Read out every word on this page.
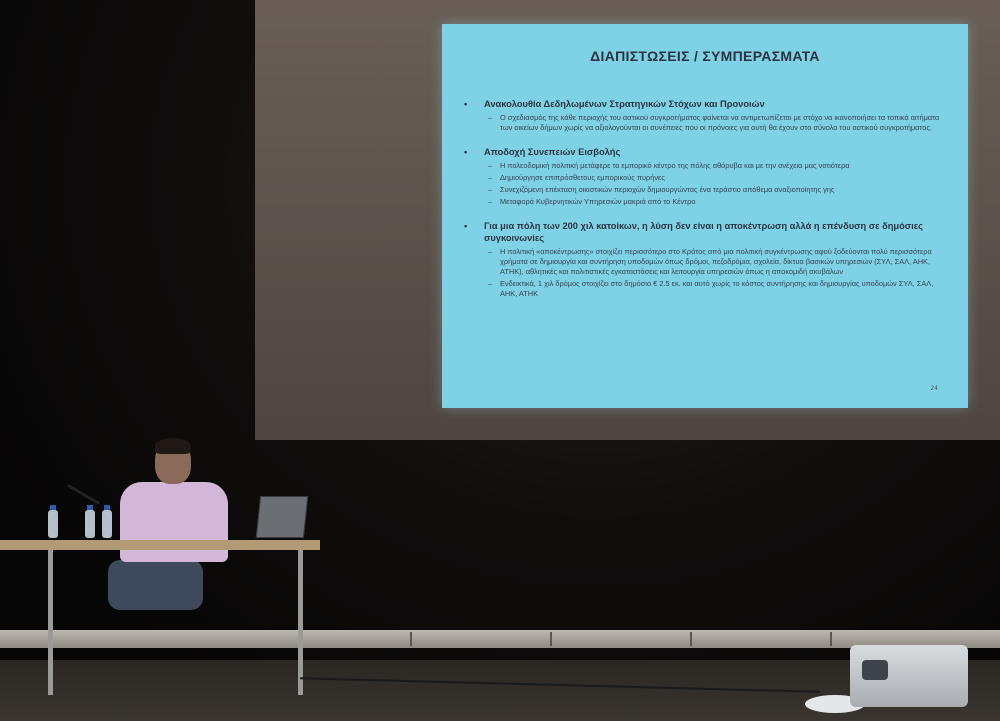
ΔΙΑΠΙΣΤΩΣΕΙΣ / ΣΥΜΠΕΡΑΣΜΑΤΑ
• Ανακολουθία Δεδηλωμένων Στρατηγικών Στόχων και Προνοιών
– Ο σχεδιασμός της κάθε περιοχής του αστικού συγκροτήματος φαίνεται να αντιμετωπίζεται με στόχο να ικανοποιήσει τα τοπικά αιτήματα των οικείων δήμων χωρίς να αξιολογούνται οι συνέπειες που οι πρόνοιες για αυτή θα έχουν στο σύνολο του αστικού συγκροτήματος.
• Αποδοχή Συνεπειών Εισβολής
– Η πολεοδομική πολιτική μετάφερε το εμπορικό κέντρο της πόλης αθόρυβα και με την ανέχεια μας νοτιότερα
– Δημιούργησε επιπρόσθετους εμπορικούς πυρήνες
– Συνεχιζόμενη επέκταση οικιστικών περιοχών δημιουργώντας ένα τεράστιο απόθεμα αναξιοποίητης γης
– Μεταφορά Κυβερνητικών Υπηρεσιών μακριά από το Κέντρο
• Για μια πόλη των 200 χιλ κατοίκων, η λύση δεν είναι η αποκέντρωση αλλά η επένδυση σε δημόσιες συγκοινωνίες
– Η πολιτική «αποκέντρωσης» στοιχίζει περισσότερο στο Κράτος από μια πολιτική συγκέντρωσης αφού ξοδεύονται πολύ περισσότερα χρήματα σε δημιουργία και συντήρηση υποδομών όπως δρόμοι, πεζοδρόμια, σχολεία, δίκτυα βασικών υπηρεσιών (ΣΥΛ, ΣΑΛ, ΑΗΚ, ΑΤΗΚ), αθλητικές και πολιτιστικές εγκαταστάσεις και λειτουργία υπηρεσιών όπως η αποκομιδή σκυβάλων
– Ενδεικτικά, 1 χιλ δρόμος στοιχίζει στο δημόσιο € 2.5 εκ. και αυτό χωρίς το κόστος συντήρησης και δημιουργίας υποδομών ΣΥΛ, ΣΑΛ, ΑΗΚ, ΑΤΗΚ
24
